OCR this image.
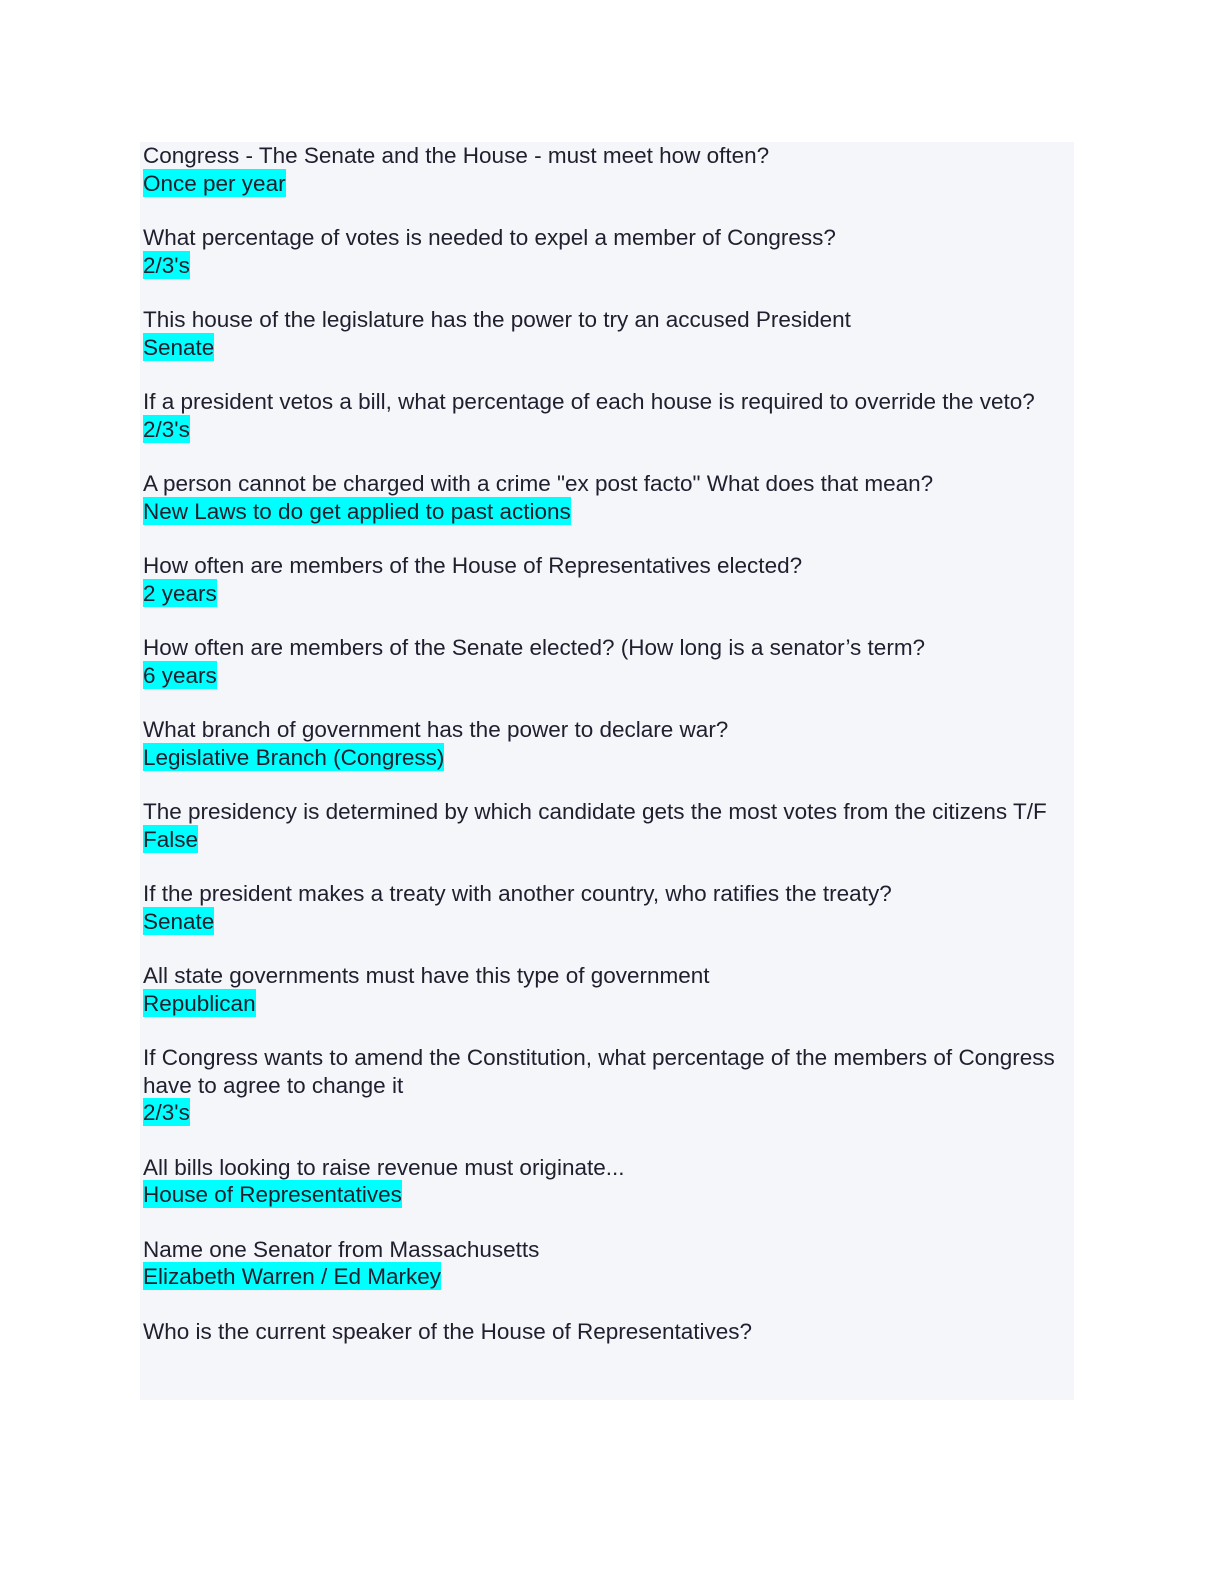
Congress - The Senate and the House - must meet how often?
Once per year
What percentage of votes is needed to expel a member of Congress?
2/3's
This house of the legislature has the power to try an accused President
Senate
If a president vetos a bill, what percentage of each house is required to override the veto?
2/3's
A person cannot be charged with a crime "ex post facto" What does that mean?
New Laws to do get applied to past actions
How often are members of the House of Representatives elected?
2 years
How often are members of the Senate elected? (How long is a senator’s term?
6 years
What branch of government has the power to declare war?
Legislative Branch (Congress)
The presidency is determined by which candidate gets the most votes from the citizens T/F
False
If the president makes a treaty with another country, who ratifies the treaty?
Senate
All state governments must have this type of government
Republican
If Congress wants to amend the Constitution, what percentage of the members of Congress have to agree to change it
2/3's
All bills looking to raise revenue must originate...
House of Representatives
Name one Senator from Massachusetts
Elizabeth Warren / Ed Markey
Who is the current speaker of the House of Representatives?
